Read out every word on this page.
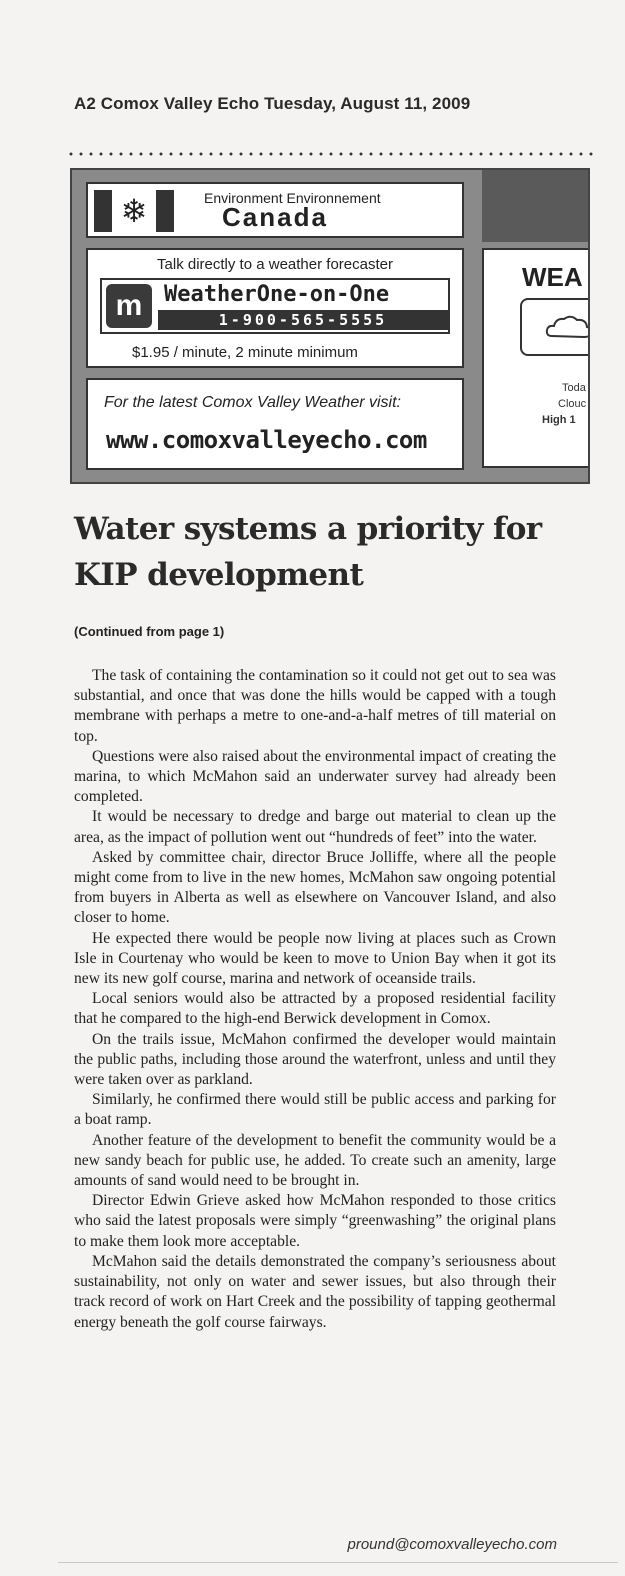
A2 Comox Valley Echo Tuesday, August 11, 2009
❄	Environment Environnement
Canada
Talk directly to a weather forecaster
m WeatherOne-on-One
1-900-565-5555
$1.95 / minute, 2 minute minimum
For the latest Comox Valley Weather visit:
www.comoxvalleyecho.com
WEA
Toda
Clouc
High 1
Water systems a priority for KIP development
(Continued from page 1)

The task of containing the contamination so it could not get out to sea was substantial, and once that was done the hills would be capped with a tough membrane with perhaps a metre to one-and-a-half metres of till material on top.

Questions were also raised about the environmental impact of creating the marina, to which McMahon said an underwater survey had already been completed.

It would be necessary to dredge and barge out material to clean up the area, as the impact of pollution went out “hundreds of feet” into the water.

Asked by committee chair, director Bruce Jolliffe, where all the people might come from to live in the new homes, McMahon saw ongoing potential from buyers in Alberta as well as elsewhere on Vancouver Island, and also closer to home.

He expected there would be people now living at places such as Crown Isle in Courtenay who would be keen to move to Union Bay when it got its new its new golf course, marina and network of oceanside trails.

Local seniors would also be attracted by a proposed residential facility that he compared to the high-end Berwick development in Comox.

On the trails issue, McMahon confirmed the developer would maintain the public paths, including those around the waterfront, unless and until they were taken over as parkland.

Similarly, he confirmed there would still be public access and parking for a boat ramp.

Another feature of the development to benefit the community would be a new sandy beach for public use, he added. To create such an amenity, large amounts of sand would need to be brought in.

Director Edwin Grieve asked how McMahon responded to those critics who said the latest proposals were simply “greenwashing” the original plans to make them look more acceptable.

McMahon said the details demonstrated the company’s seriousness about sustainability, not only on water and sewer issues, but also through their track record of work on Hart Creek and the possibility of tapping geothermal energy beneath the golf course fairways.

pround@comoxvalleyecho.com
